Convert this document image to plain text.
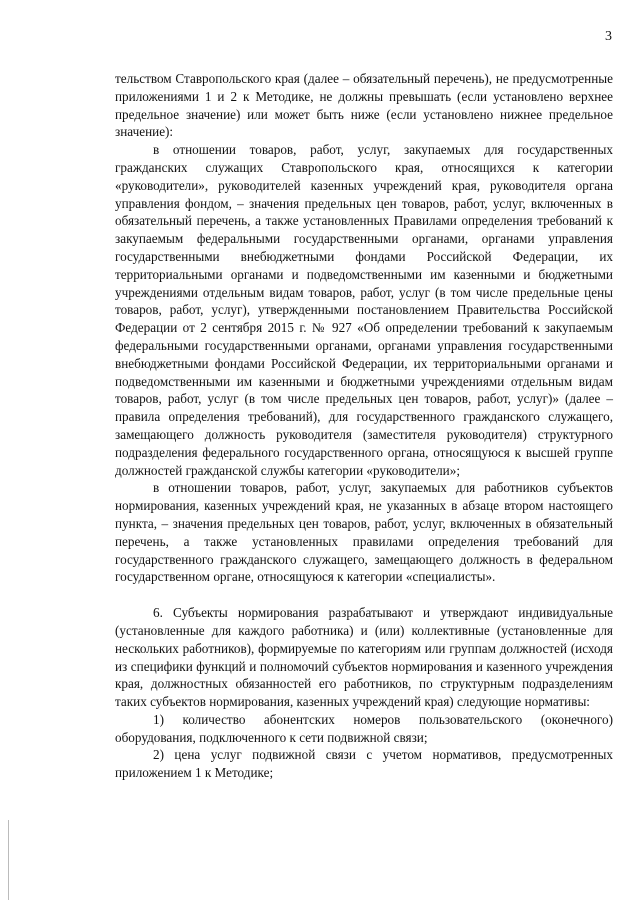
3

тельством Ставропольского края (далее – обязательный перечень), не предусмотренные приложениями 1 и 2 к Методике, не должны превышать (если установлено верхнее предельное значение) или может быть ниже (если установлено нижнее предельное значение):

в отношении товаров, работ, услуг, закупаемых для государственных гражданских служащих Ставропольского края, относящихся к категории «руководители», руководителей казенных учреждений края, руководителя органа управления фондом, – значения предельных цен товаров, работ, услуг, включенных в обязательный перечень, а также установленных Правилами определения требований к закупаемым федеральными государственными органами, органами управления государственными внебюджетными фондами Российской Федерации, их территориальными органами и подведомственными им казенными и бюджетными учреждениями отдельным видам товаров, работ, услуг (в том числе предельные цены товаров, работ, услуг), утвержденными постановлением Правительства Российской Федерации от 2 сентября 2015 г. № 927 «Об определении требований к закупаемым федеральными государственными органами, органами управления государственными внебюджетными фондами Российской Федерации, их территориальными органами и подведомственными им казенными и бюджетными учреждениями отдельным видам товаров, работ, услуг (в том числе предельных цен товаров, работ, услуг)» (далее – правила определения требований), для государственного гражданского служащего, замещающего должность руководителя (заместителя руководителя) структурного подразделения федерального государственного органа, относящуюся к высшей группе должностей гражданской службы категории «руководители»;

в отношении товаров, работ, услуг, закупаемых для работников субъектов нормирования, казенных учреждений края, не указанных в абзаце втором настоящего пункта, – значения предельных цен товаров, работ, услуг, включенных в обязательный перечень, а также установленных правилами определения требований для государственного гражданского служащего, замещающего должность в федеральном государственном органе, относящуюся к категории «специалисты».

6. Субъекты нормирования разрабатывают и утверждают индивидуальные (установленные для каждого работника) и (или) коллективные (установленные для нескольких работников), формируемые по категориям или группам должностей (исходя из специфики функций и полномочий субъектов нормирования и казенного учреждения края, должностных обязанностей его работников, по структурным подразделениям таких субъектов нормирования, казенных учреждений края) следующие нормативы:

1) количество абонентских номеров пользовательского (оконечного) оборудования, подключенного к сети подвижной связи;

2) цена услуг подвижной связи с учетом нормативов, предусмотренных приложением 1 к Методике;
